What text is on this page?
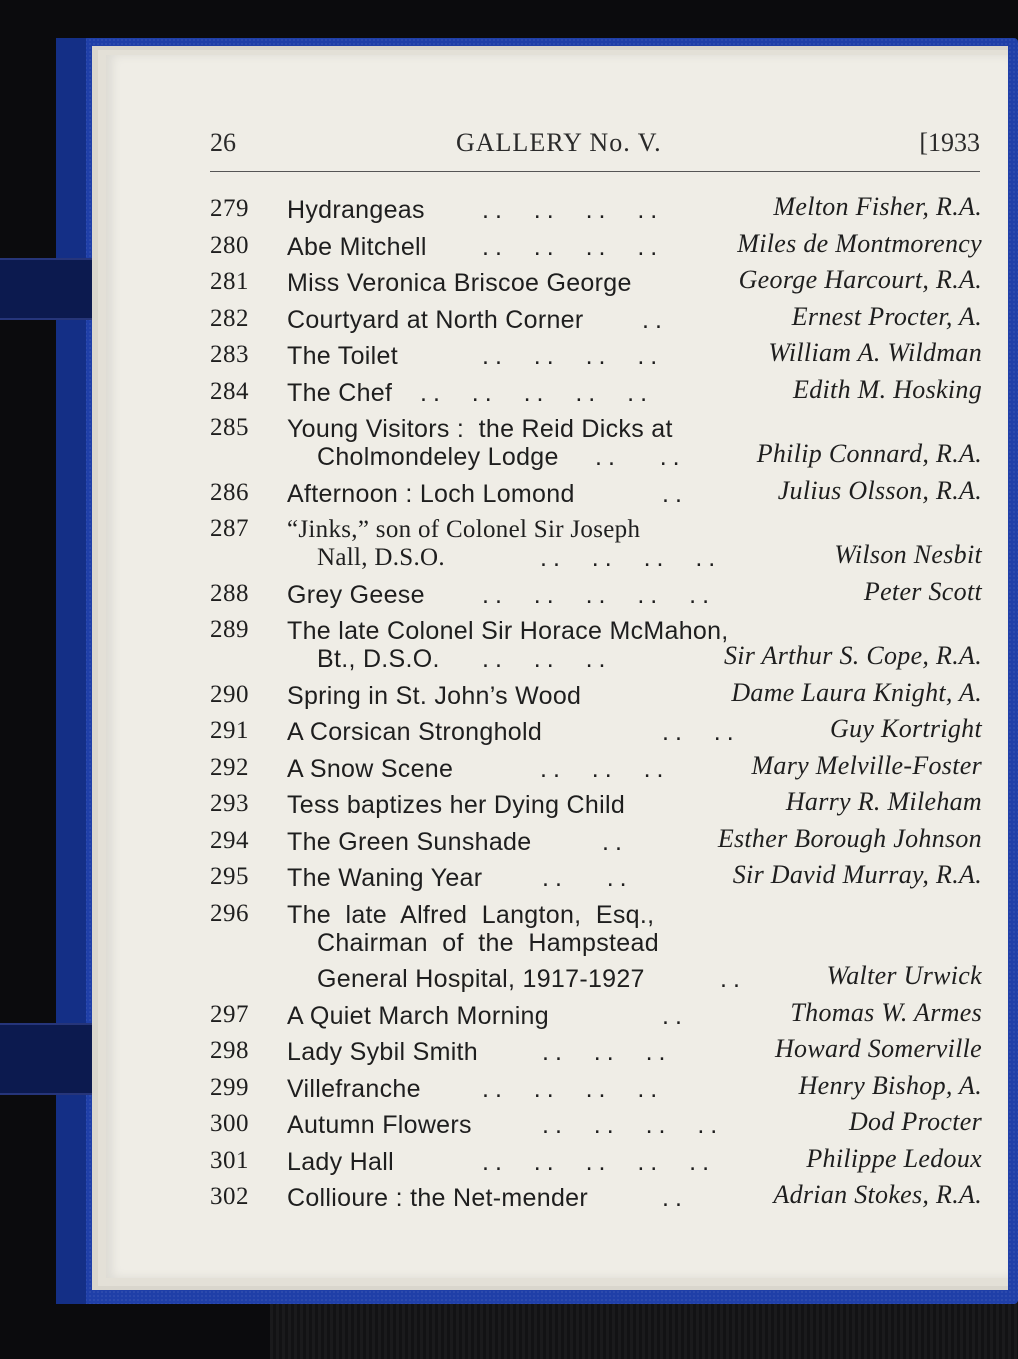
26	GALLERY No. V.	[1933
279 Hydrangeas ..  ..  ..  ..	Melton Fisher, R.A.
280 Abe Mitchell ..  ..  ..  ..	Miles de Montmorency
281 Miss Veronica Briscoe George	George Harcourt, R.A.
282 Courtyard at North Corner ..	Ernest Procter, A.
283 The Toilet	..  ..  ..  ..	William A. Wildman
284 The Chef ..  ..  ..  ..  ..	Edith M. Hosking
285 Young Visitors :  the Reid Dicks at
Cholmondeley Lodge ..   ..	Philip Connard, R.A.
286 Afternoon : Loch Lomond	..	Julius Olsson, R.A.
287 “Jinks,” son of Colonel Sir Joseph
Nall, D.S.O.	..  ..  ..  ..	Wilson Nesbit
288 Grey Geese ..  ..  ..  ..  ..	Peter Scott
289 The late Colonel Sir Horace McMahon,
Bt., D.S.O. ..  ..  ..	Sir Arthur S. Cope, R.A.
290 Spring in St. John’s Wood	Dame Laura Knight, A.
291 A Corsican Stronghold	..  ..	Guy Kortright
292 A Snow Scene	..  ..  ..	Mary Melville-Foster
293 Tess baptizes her Dying Child	Harry R. Mileham
294 The Green Sunshade	..	Esther Borough Johnson
295 The Waning Year ..   ..	Sir David Murray, R.A.
296 The  late  Alfred  Langton,  Esq.,
Chairman  of  the  Hampstead
General Hospital, 1917-1927	..	Walter Urwick
297 A Quiet March Morning	..	Thomas W. Armes
298 Lady Sybil Smith	..  ..  ..	Howard Somerville
299 Villefranche ..  ..  ..  ..	Henry Bishop, A.
300 Autumn Flowers	..  ..  ..  ..	Dod Procter
301 Lady Hall	..  ..  ..  ..  ..	Philippe Ledoux
302 Collioure : the Net-mender	..	Adrian Stokes, R.A.
